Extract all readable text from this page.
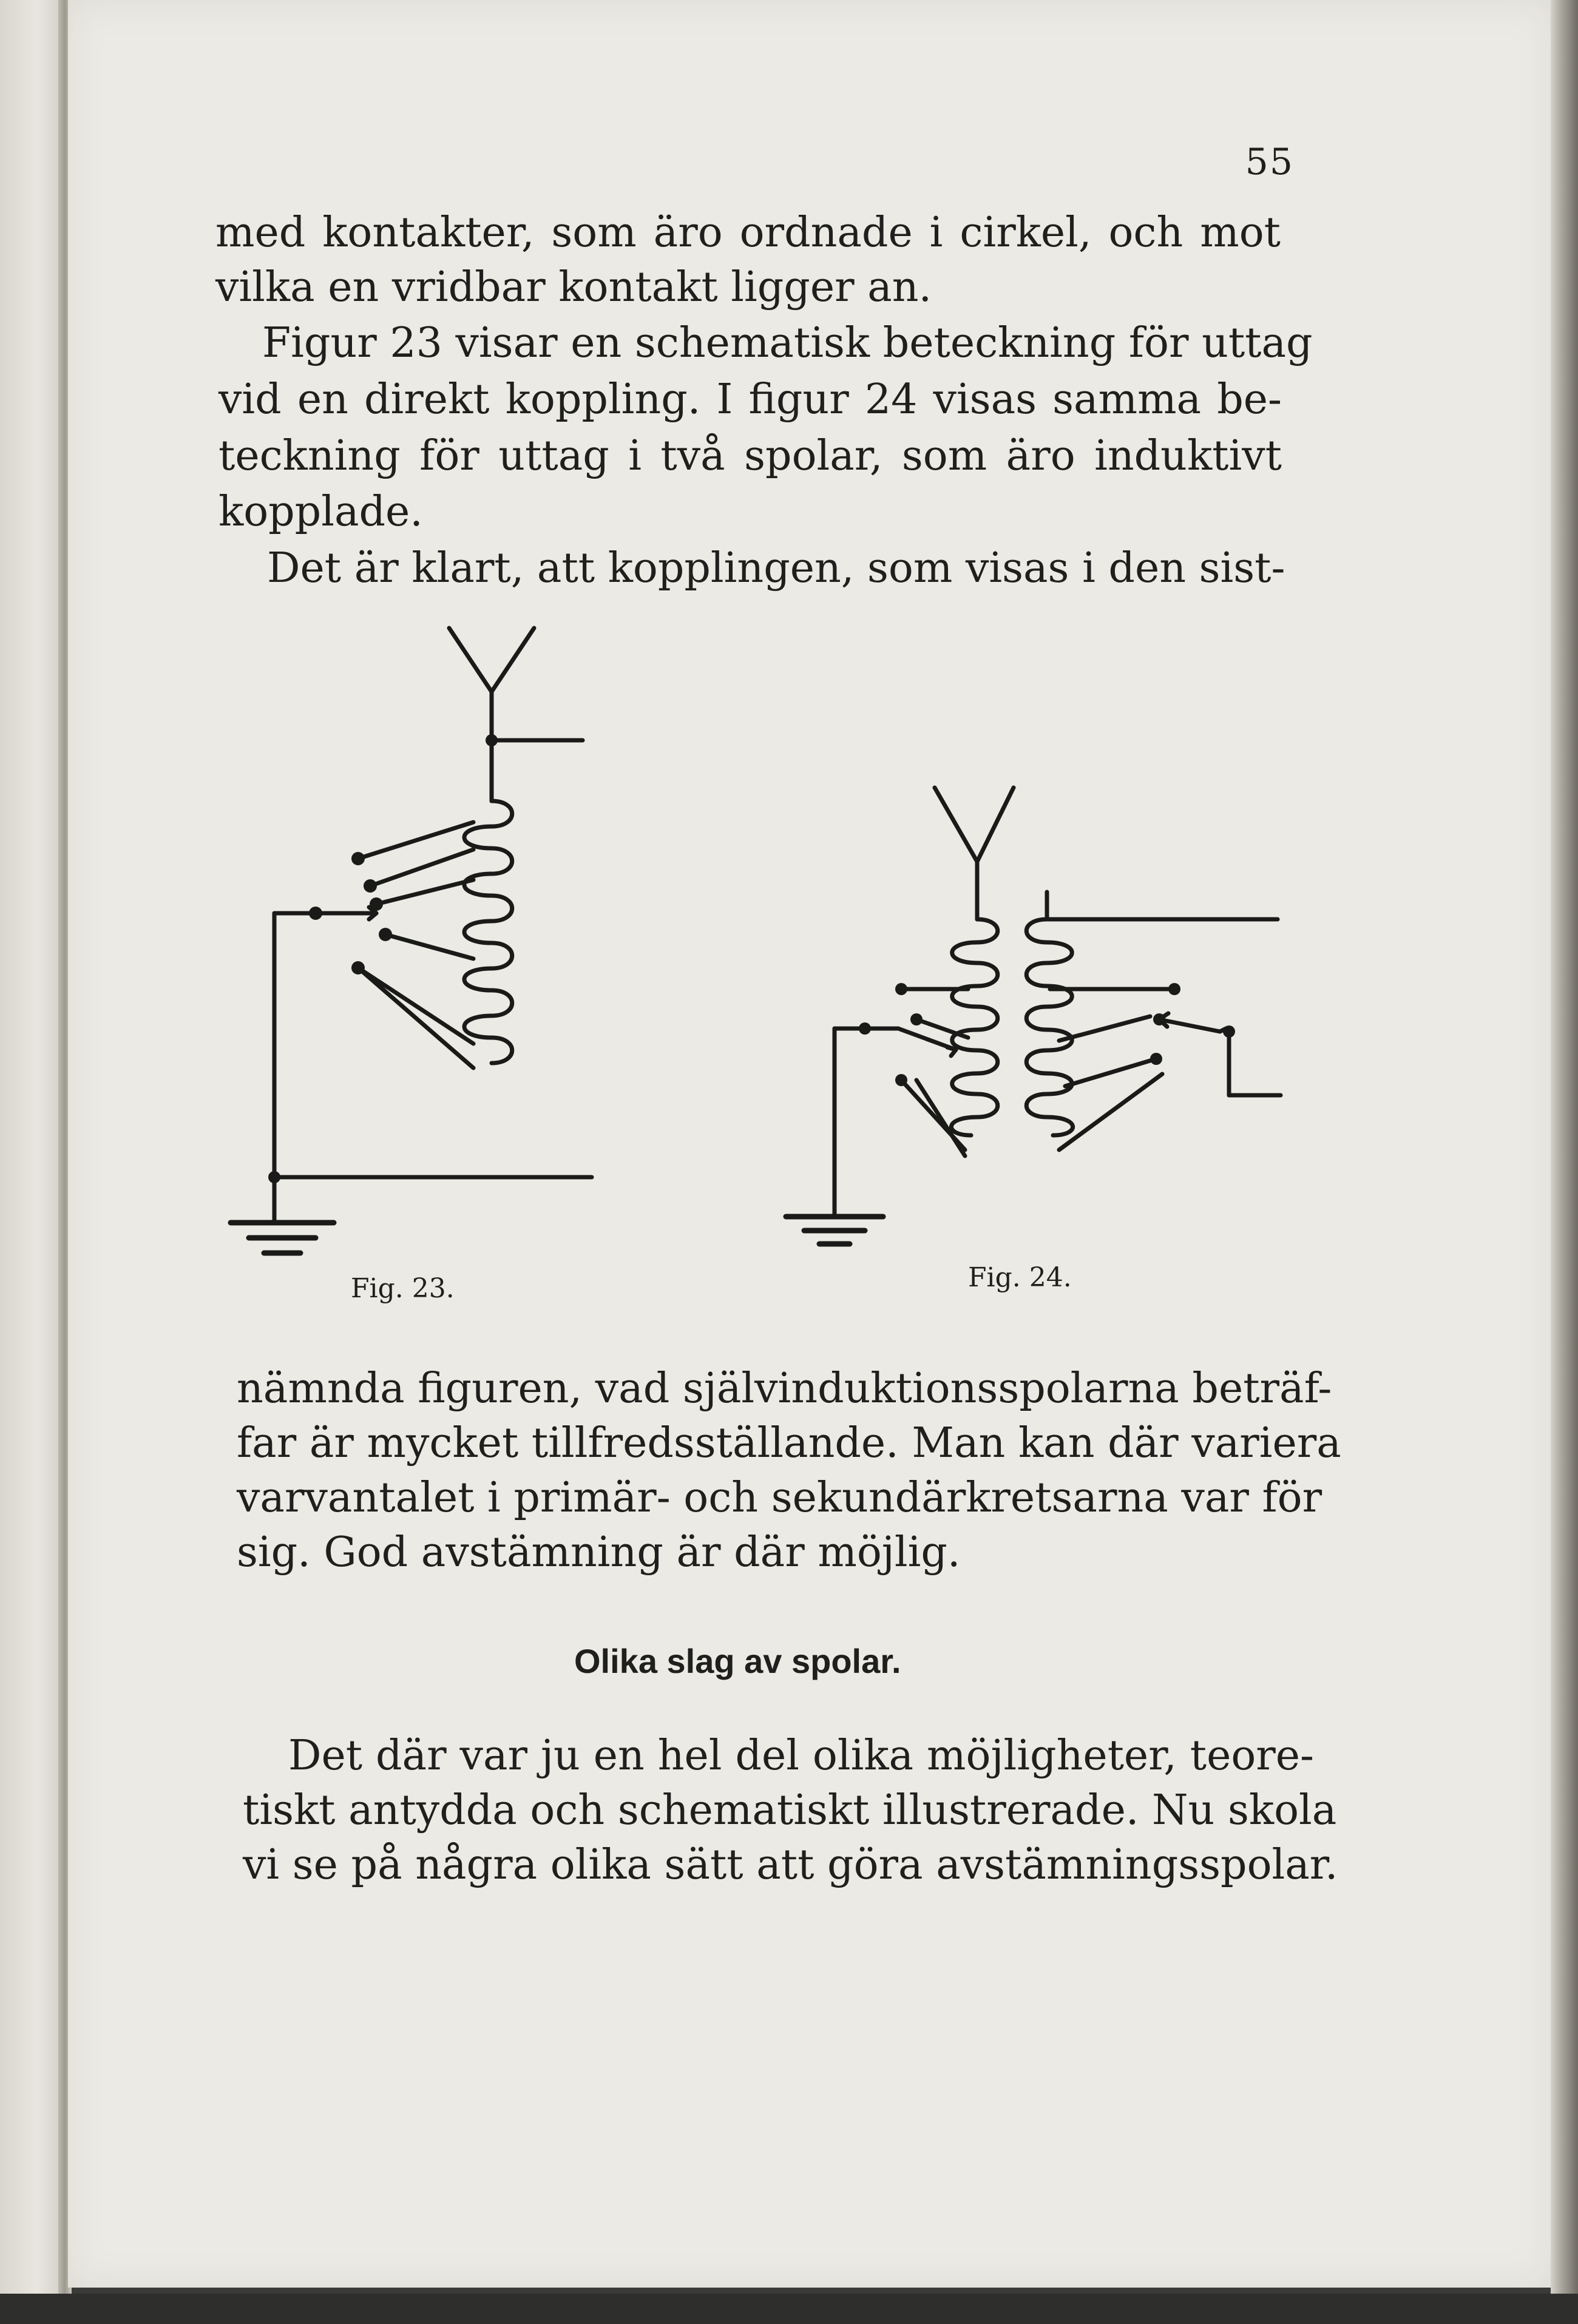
55
med kontakter, som äro ordnade i cirkel, och mot
vilka en vridbar kontakt ligger an.
Figur 23 visar en schematisk beteckning för uttag
vid en direkt koppling. I figur 24 visas samma be-
teckning för uttag i två spolar, som äro induktivt
kopplade.
Det är klart, att kopplingen, som visas i den sist-
Fig. 23.	Fig. 24.
nämnda figuren, vad självinduktionsspolarna beträf-
far är mycket tillfredsställande. Man kan där variera
varvantalet i primär- och sekundärkretsarna var för
sig. God avstämning är där möjlig.
Olika slag av spolar.
Det där var ju en hel del olika möjligheter, teore-
tiskt antydda och schematiskt illustrerade. Nu skola
vi se på några olika sätt att göra avstämningsspolar.
